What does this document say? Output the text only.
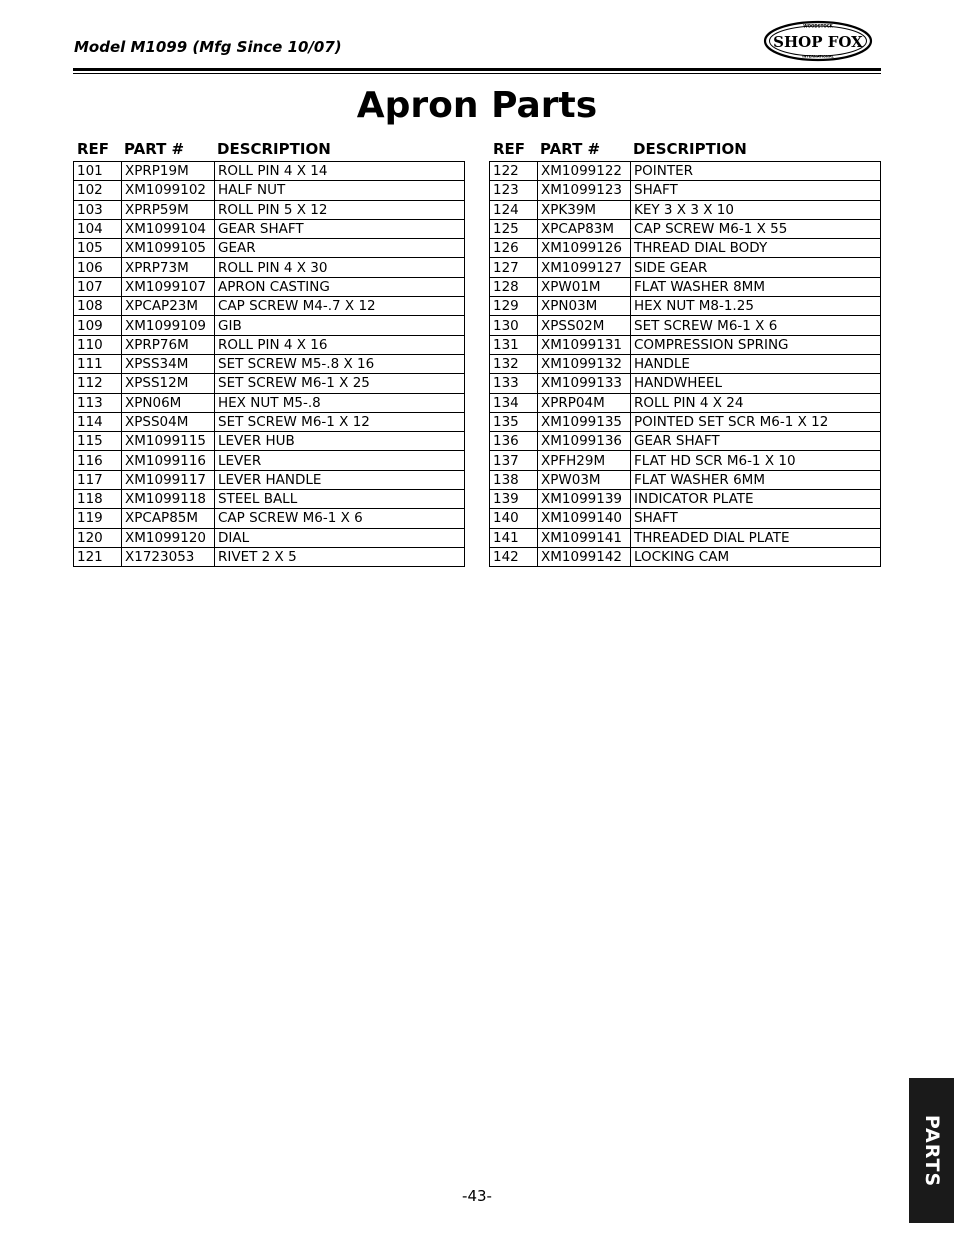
Model M1099 (Mfg Since 10/07)	SHOP FOX
WOODSTOCK
INTERNATIONAL
Apron Parts
REF PART # DESCRIPTION
101	XPRP19M	ROLL PIN 4 X 14
102	XM1099102	HALF NUT
103	XPRP59M	ROLL PIN 5 X 12
104	XM1099104	GEAR SHAFT
105	XM1099105	GEAR
106	XPRP73M	ROLL PIN 4 X 30
107	XM1099107	APRON CASTING
108	XPCAP23M	CAP SCREW M4-.7 X 12
109	XM1099109	GIB
110	XPRP76M	ROLL PIN 4 X 16
111	XPSS34M	SET SCREW M5-.8 X 16
112	XPSS12M	SET SCREW M6-1 X 25
113	XPN06M	HEX NUT M5-.8
114	XPSS04M	SET SCREW M6-1 X 12
115	XM1099115	LEVER HUB
116	XM1099116	LEVER
117	XM1099117	LEVER HANDLE
118	XM1099118	STEEL BALL
119	XPCAP85M	CAP SCREW M6-1 X 6
120	XM1099120	DIAL
121	X1723053	RIVET 2 X 5
REF PART # DESCRIPTION
122	XM1099122	POINTER
123	XM1099123	SHAFT
124	XPK39M	KEY 3 X 3 X 10
125	XPCAP83M	CAP SCREW M6-1 X 55
126	XM1099126	THREAD DIAL BODY
127	XM1099127	SIDE GEAR
128	XPW01M	FLAT WASHER 8MM
129	XPN03M	HEX NUT M8-1.25
130	XPSS02M	SET SCREW M6-1 X 6
131	XM1099131	COMPRESSION SPRING
132	XM1099132	HANDLE
133	XM1099133	HANDWHEEL
134	XPRP04M	ROLL PIN 4 X 24
135	XM1099135	POINTED SET SCR M6-1 X 12
136	XM1099136	GEAR SHAFT
137	XPFH29M	FLAT HD SCR M6-1 X 10
138	XPW03M	FLAT WASHER 6MM
139	XM1099139	INDICATOR PLATE
140	XM1099140	SHAFT
141	XM1099141	THREADED DIAL PLATE
142	XM1099142	LOCKING CAM
PARTS
-43-
